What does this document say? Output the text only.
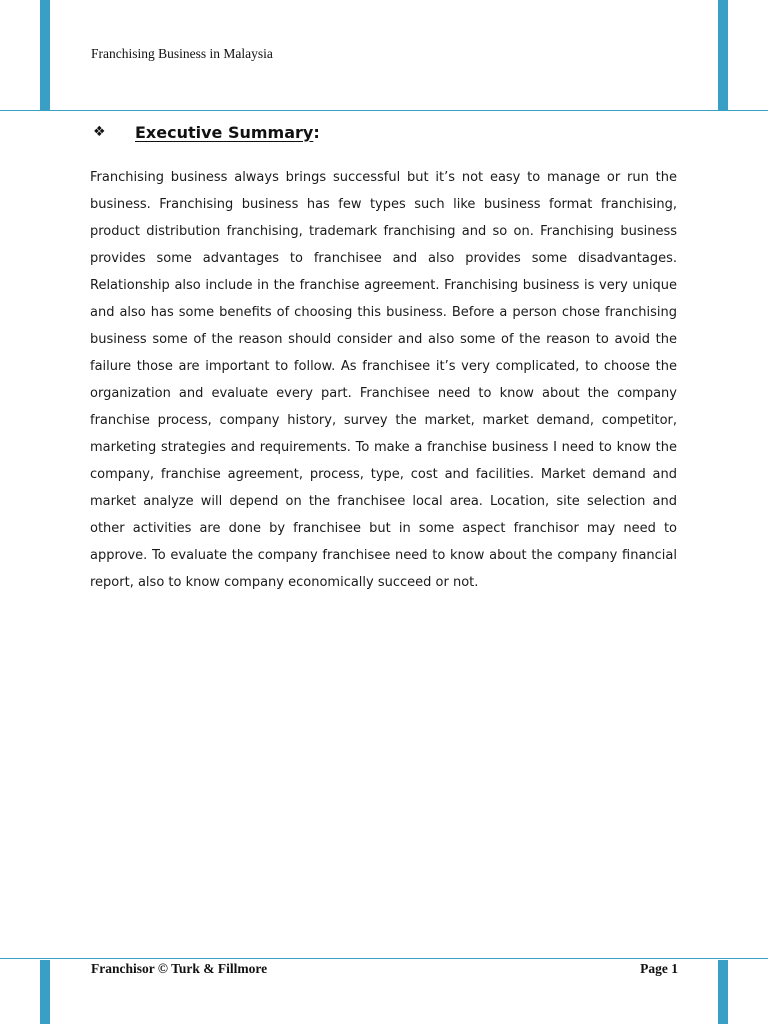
Franchising Business in Malaysia
❖	Executive Summary:

Franchising business always brings successful but it’s not easy to manage or run the business. Franchising business has few types such like business format franchising, product distribution franchising, trademark franchising and so on. Franchising business provides some advantages to franchisee and also provides some disadvantages. Relationship also include in the franchise agreement. Franchising business is very unique and also has some benefits of choosing this business. Before a person chose franchising business some of the reason should consider and also some of the reason to avoid the failure those are important to follow. As franchisee it’s very complicated, to choose the organization and evaluate every part. Franchisee need to know about the company franchise process, company history, survey the market, market demand, competitor, marketing strategies and requirements. To make a franchise business I need to know the company, franchise agreement, process, type, cost and facilities. Market demand and market analyze will depend on the franchisee local area. Location, site selection and other activities are done by franchisee but in some aspect franchisor may need to approve. To evaluate the company franchisee need to know about the company financial report, also to know company economically succeed or not.

Franchisor © Turk & Fillmore	Page 1
